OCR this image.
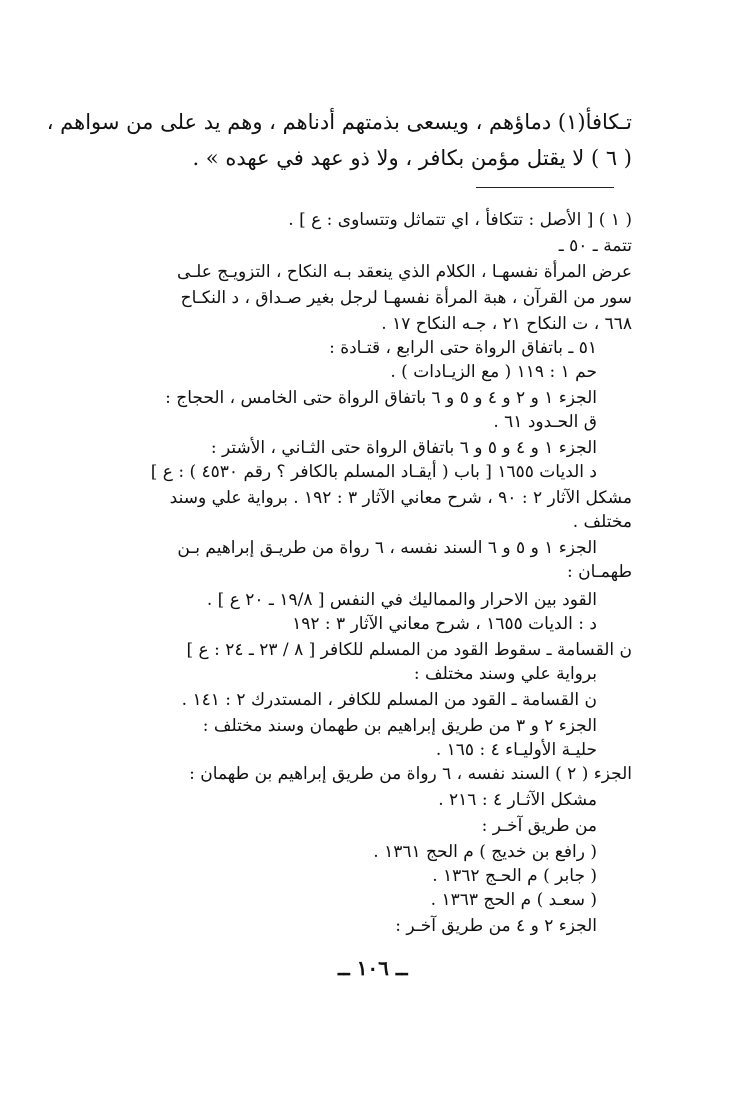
تـكافأ(١) دماؤهم ، ويسعى بذمتهم أدناهم ، وهم يد على من سواهم ،
( ٦ ) لا يقتل مؤمن بكافر ، ولا ذو عهد في عهده » .
( ١ ) [ الأصل : تتكافأ ، اي تتماثل وتتساوى : ع ] .
تتمة ـ ٥٠ ـ
عرض المرأة نفسهـا ، الكلام الذي ينعقد بـه النكاح ، التزويـج علـى
سور من القرآن ، هبة المرأة نفسهـا لرجل بغير صـداق ، د النكـاح
٦٦٨ ، ت النكاح ٢١ ، جـه النكاح ١٧ .
٥١ ـ باتفاق الرواة حتى الرابع ، قتـادة :
حم ١ : ١١٩ ( مع الزيـادات ) .
الجزء ١ و ٢ و ٤ و ٥ و ٦ باتفاق الرواة حتى الخامس ، الحجاج :
ق الحـدود ٦١ .
الجزء ١ و ٤ و ٥ و ٦ باتفاق الرواة حتى الثـاني ، الأشتر :
د الديات ١٦٥٥ [ باب ( أيقـاد المسلم بالكافر ؟ رقم ٤٥٣٠ ) : ع ]
مشكل الآثار ٢ : ٩٠ ، شرح معاني الآثار ٣ : ١٩٢ . برواية علي وسند
مختلف .
الجزء ١ و ٥ و ٦ السند نفسه ، ٦ رواة من طريـق إبراهيم بـن
طهمـان :
القود بين الاحرار والمماليك في النفس [ ١٩/٨ ـ ٢٠ ع ] .
د : الديات ١٦٥٥ ، شرح معاني الآثار ٣ : ١٩٢
ن القسامة ـ سقوط القود من المسلم للكافر [ ٨ / ٢٣ ـ ٢٤ : ع ]
برواية علي وسند مختلف :
ن القسامة ـ القود من المسلم للكافر ، المستدرك ٢ : ١٤١ .
الجزء ٢ و ٣ من طريق إبراهيم بن طهمان وسند مختلف :
حليـة الأوليـاء ٤ : ١٦٥ .
الجزء ( ٢ ) السند نفسه ، ٦ رواة من طريق إبراهيم بن طهمان :
مشكل الآثـار ٤ : ٢١٦ .
من طريق آخـر :
( رافع بن خديج ) م الحج ١٣٦١ .
( جابر ) م الحـج ١٣٦٢ .
( سعـد ) م الحج ١٣٦٣ .
الجزء ٢ و ٤ من طريق آخـر :
ــ ١٠٦ ــ
